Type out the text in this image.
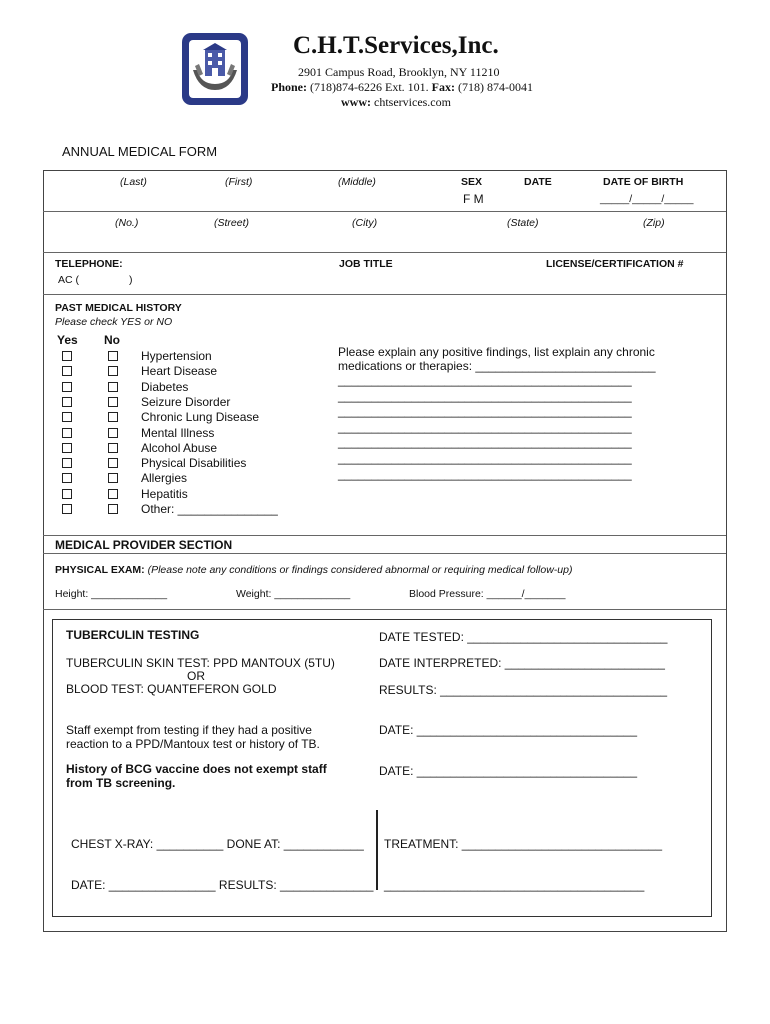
C.H.T.Services,Inc.
2901 Campus Road, Brooklyn, NY 11210
Phone: (718)874-6226 Ext. 101. Fax: (718) 874-0041
www: chtservices.com
ANNUAL MEDICAL FORM
(Last)	(First)	(Middle)	SEX
F M
DATE	DATE OF BIRTH
_____/_____/_____
(No.)	(Street)	(City)	(State)	(Zip)
TELEPHONE:
AC (	)
JOB TITLE	LICENSE/CERTIFICATION #
PAST MEDICAL HISTORY
Please check YES or NO
Yes No
Hypertension
Heart Disease
Diabetes
Seizure Disorder
Chronic Lung Disease
Mental Illness
Alcohol Abuse
Physical Disabilities
Allergies
Hepatitis
Other: _______________
Please explain any positive findings, list explain any chronic
medications or therapies: ___________________________
____________________________________________
____________________________________________
____________________________________________
____________________________________________
____________________________________________
____________________________________________
____________________________________________
MEDICAL PROVIDER SECTION
PHYSICAL EXAM: (Please note any conditions or findings considered abnormal or requiring medical follow-up)
Height: _____________	Weight: _____________	Blood Pressure: ______/_______
TUBERCULIN TESTING	DATE TESTED: ______________________________
TUBERCULIN SKIN TEST: PPD MANTOUX (5TU)
OR
BLOOD TEST: QUANTEFERON GOLD
DATE INTERPRETED: ________________________
RESULTS: __________________________________
Staff exempt from testing if they had a positive
reaction to a PPD/Mantoux test or history of TB.
DATE: _________________________________
History of BCG vaccine does not exempt staff
from TB screening.
DATE: _________________________________
CHEST X-RAY: __________ DONE AT: ____________ TREATMENT: ______________________________
DATE: ________________ RESULTS: ______________ _______________________________________
